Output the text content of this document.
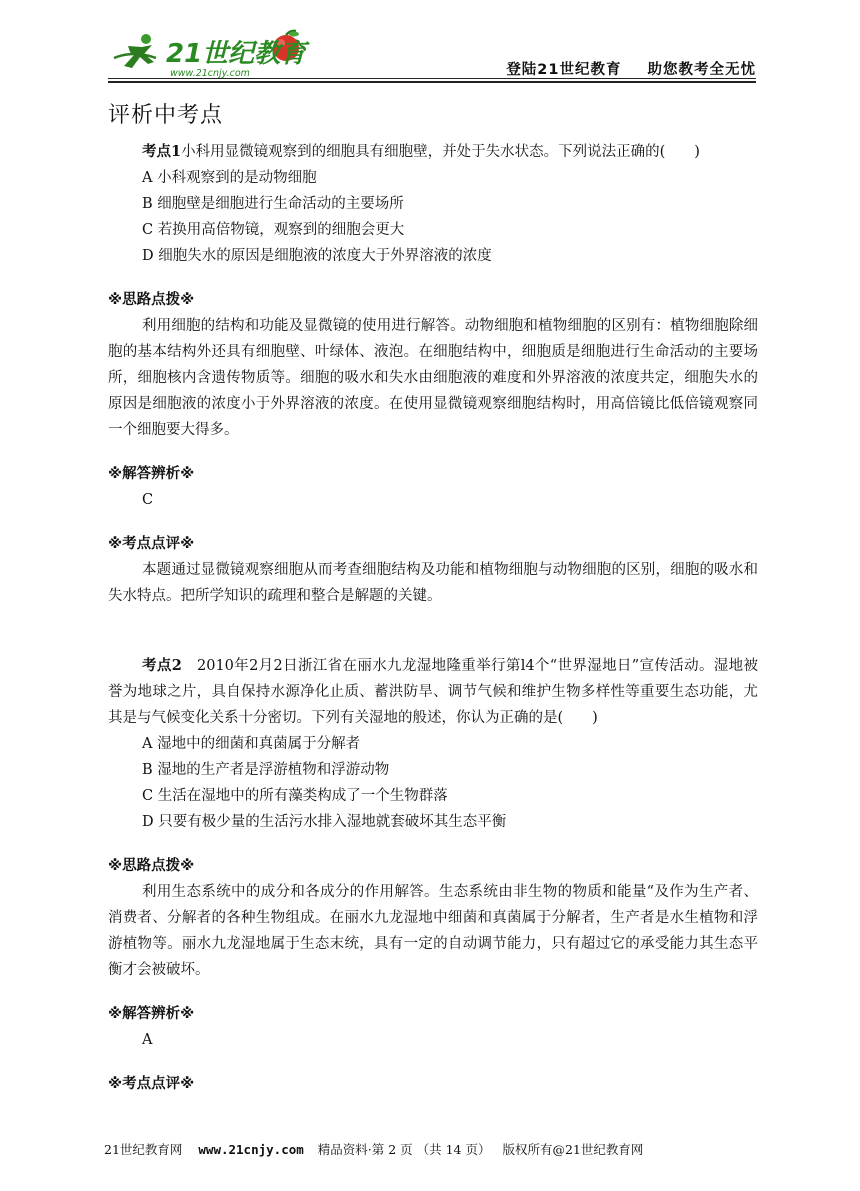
21世纪教育
www.21cnjy.com	登陆21世纪教育 助您教考全无忧
评析中考点

考点1小科用显微镜观察到的细胞具有细胞壁，并处于失水状态。下列说法正确的(　　)

A 小科观察到的是动物细胞
B 细胞壁是细胞进行生命活动的主要场所
C 若换用高倍物镜，观察到的细胞会更大
D 细胞失水的原因是细胞液的浓度大于外界溶液的浓度
※思路点拨※

利用细胞的结构和功能及显微镜的使用进行解答。动物细胞和植物细胞的区别有：植物细胞除细胞的基本结构外还具有细胞壁、叶绿体、液泡。在细胞结构中，细胞质是细胞进行生命活动的主要场所，细胞核内含遗传物质等。细胞的吸水和失水由细胞液的难度和外界溶液的浓度共定，细胞失水的原因是细胞液的浓度小于外界溶液的浓度。在使用显微镜观察细胞结构时，用高倍镜比低倍镜观察同一个细胞要大得多。

※解答辨析※
C
※考点点评※

本题通过显微镜观察细胞从而考查细胞结构及功能和植物细胞与动物细胞的区别，细胞的吸水和失水特点。把所学知识的疏理和整合是解题的关键。

考点2　2010年2月2日浙江省在丽水九龙湿地隆重举行第l4个“世界湿地日”宣传活动。湿地被誉为地球之片，具自保持水源净化止质、蓄洪防旱、调节气候和维护生物多样性等重要生态功能，尤其是与气候变化关系十分密切。下列有关湿地的般述，你认为正确的是(　　)

A 湿地中的细菌和真菌属于分解者
B 湿地的生产者是浮游植物和浮游动物
C 生活在湿地中的所有藻类构成了一个生物群落
D 只要有极少量的生活污水排入湿地就套破坏其生态平衡
※思路点拨※

利用生态系统中的成分和各成分的作用解答。生态系统由非生物的物质和能量“及作为生产者、消费者、分解者的各种生物组成。在丽水九龙湿地中细菌和真菌属于分解者，生产者是水生植物和浮游植物等。丽水九龙湿地属于生态末统，具有一定的自动调节能力，只有超过它的承受能力其生态平衡才会被破坏。

※解答辨析※
A
※考点点评※
21世纪教育网 www.21cnjy.com 精品资料·第 2 页 （共 14 页） 版权所有@21世纪教育网
